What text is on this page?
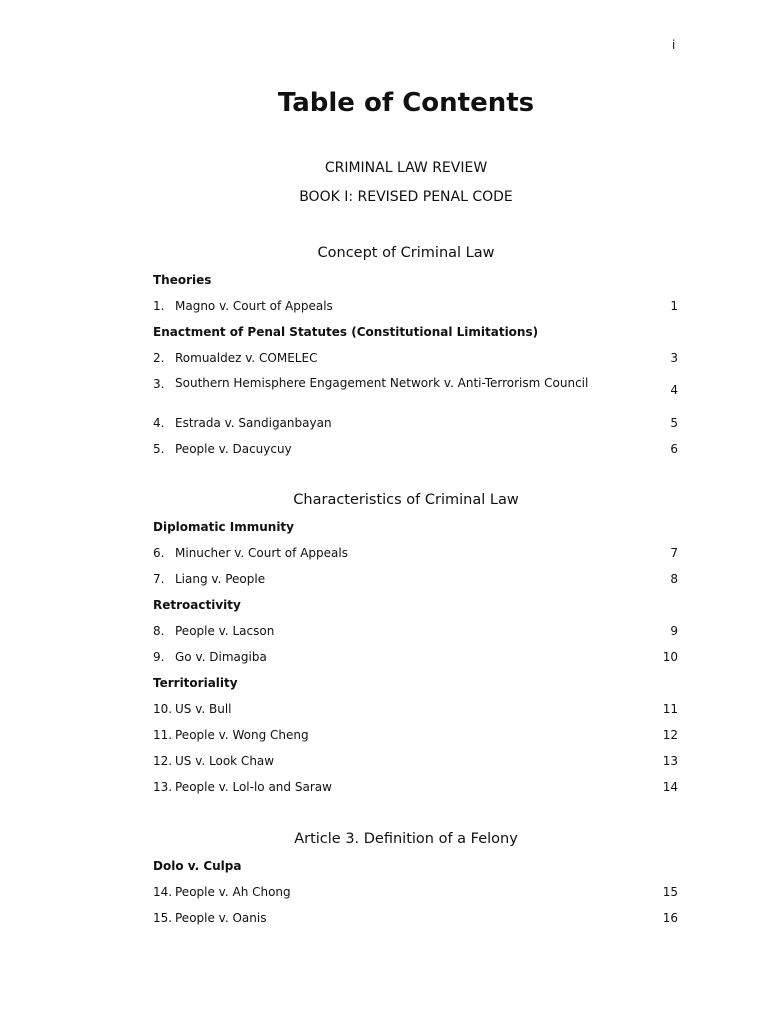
i
Table of Contents
CRIMINAL LAW REVIEW
BOOK I: REVISED PENAL CODE
Concept of Criminal Law
Theories
1. Magno v. Court of Appeals	1
Enactment of Penal Statutes (Constitutional Limitations)
2. Romualdez v. COMELEC	3
3. Southern Hemisphere Engagement Network v. Anti-Terrorism Council	4
4. Estrada v. Sandiganbayan	5
5. People v. Dacuycuy	6
Characteristics of Criminal Law
Diplomatic Immunity
6. Minucher v. Court of Appeals	7
7. Liang v. People	8
Retroactivity
8. People v. Lacson	9
9. Go v. Dimagiba	10
Territoriality
10. US v. Bull	11
11. People v. Wong Cheng	12
12. US v. Look Chaw	13
13. People v. Lol-lo and Saraw	14
Article 3. Definition of a Felony
Dolo v. Culpa
14. People v. Ah Chong	15
15. People v. Oanis	16
